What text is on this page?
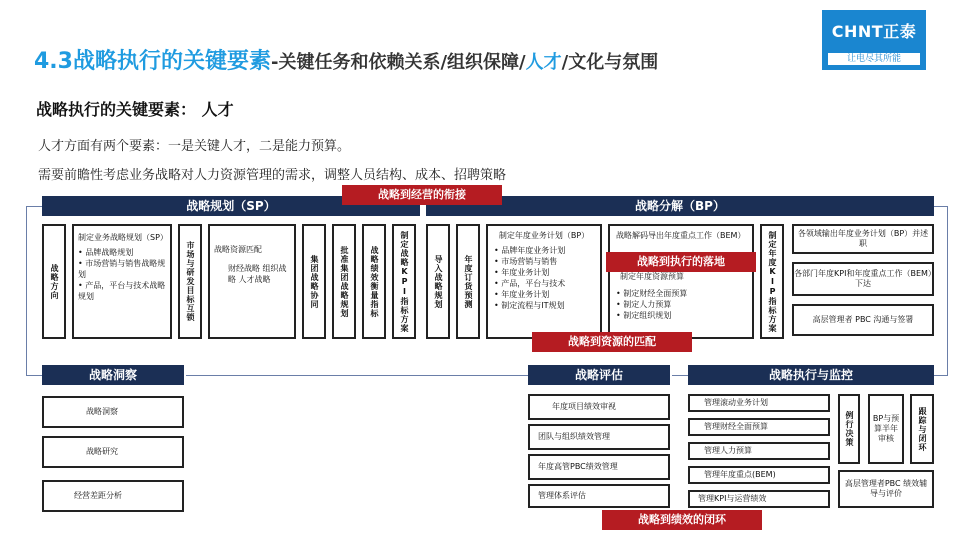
4.3战略执行的关键要素-关键任务和依赖关系/组织保障/人才/文化与氛围
CHNT正泰
让电尽其所能
战略执行的关键要素： 人才
人才方面有两个要素：一是关键人才，二是能力预算。
需要前瞻性考虑业务战略对人力资源管理的需求，调整人员结构、成本、招聘策略
战略规划（SP）	战略分解（BP）
战略到经营的衔接
战略方向
制定业务战略规划（SP）
• 品牌战略规划
• 市场营销与销售战略规划
• 产品，平台与技术战略规划	市场与研发目标互锁 战略资源匹配
财经战略 组织战略 人才战略	集团战略协同	批准集团战略规划	战略绩效衡量指标	制定战略KPI指标方案	导入战略规划	年度订货预测
制定年度业务计划（BP）
• 品牌年度业务计划
• 市场营销与销售
• 年度业务计划
• 产品，平台与技术
• 年度业务计划
• 制定流程与IT规划
战略解码导出年度重点工作（BEM）
制定年度资源预算
• 制定财经全面预算
• 制定人力预算
• 制定组织规划	制定年度KIP指标方案	各领域输出年度业务计划（BP）并述职
各部门年度KPI和年度重点工作（BEM）下达
高层管理者 PBC 沟通与签署
战略到执行的落地
战略到资源的匹配
战略洞察	战略评估	战略执行与监控
战略洞察
战略研究
经营差距分析
年度项目绩效审视
团队与组织绩效管理
年度高管PBC绩效管理
管理体系评估
管理滚动业务计划
管理财经全面预算
管理人力预算
管理年度重点(BEM)
管理KPI与运营绩效
例行决策	BP与预算半年审核	跟踪与闭环
高层管理者PBC 绩效辅导与评价
战略到绩效的闭环
